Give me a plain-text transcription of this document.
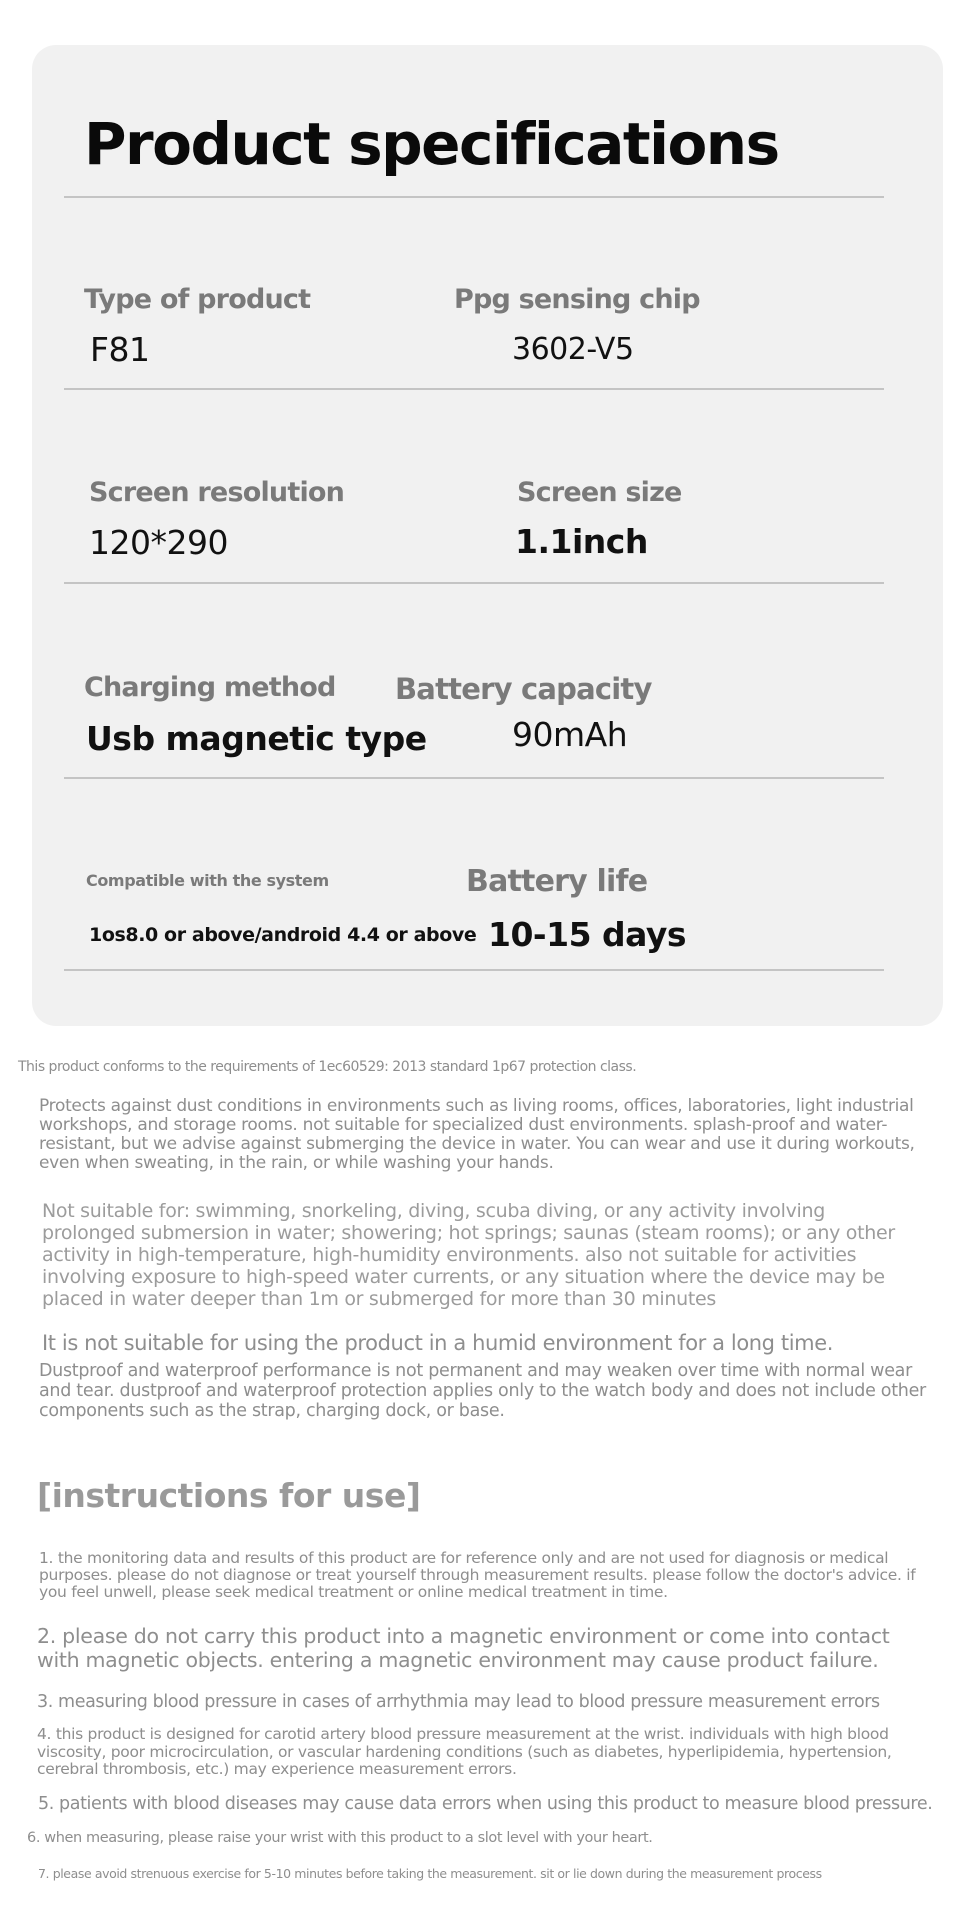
Product specifications
Type of product
F81
Ppg sensing chip
3602-V5
Screen resolution
120*290
Screen size
1.1inch
Charging method
Usb magnetic type
Battery capacity
90mAh
Compatible with the system
1os8.0 or above/android 4.4 or above
Battery life
10-15 days
This product conforms to the requirements of 1ec60529: 2013 standard 1p67 protection class.
Protects against dust conditions in environments such as living rooms, offices, laboratories, light industrial workshops, and storage rooms. not suitable for specialized dust environments. splash-proof and water-resistant, but we advise against submerging the device in water. You can wear and use it during workouts, even when sweating, in the rain, or while washing your hands.
Not suitable for: swimming, snorkeling, diving, scuba diving, or any activity involving prolonged submersion in water; showering; hot springs; saunas (steam rooms); or any other activity in high-temperature, high-humidity environments. also not suitable for activities involving exposure to high-speed water currents, or any situation where the device may be placed in water deeper than 1m or submerged for more than 30 minutes
It is not suitable for using the product in a humid environment for a long time.
Dustproof and waterproof performance is not permanent and may weaken over time with normal wear and tear. dustproof and waterproof protection applies only to the watch body and does not include other components such as the strap, charging dock, or base.
[instructions for use]
1. the monitoring data and results of this product are for reference only and are not used for diagnosis or medical purposes. please do not diagnose or treat yourself through measurement results. please follow the doctor's advice. if you feel unwell, please seek medical treatment or online medical treatment in time.
2. please do not carry this product into a magnetic environment or come into contact with magnetic objects. entering a magnetic environment may cause product failure.
3. measuring blood pressure in cases of arrhythmia may lead to blood pressure measurement errors
4. this product is designed for carotid artery blood pressure measurement at the wrist. individuals with high blood viscosity, poor microcirculation, or vascular hardening conditions (such as diabetes, hyperlipidemia, hypertension, cerebral thrombosis, etc.) may experience measurement errors.
5. patients with blood diseases may cause data errors when using this product to measure blood pressure.
6. when measuring, please raise your wrist with this product to a slot level with your heart.
7. please avoid strenuous exercise for 5-10 minutes before taking the measurement. sit or lie down during the measurement process
